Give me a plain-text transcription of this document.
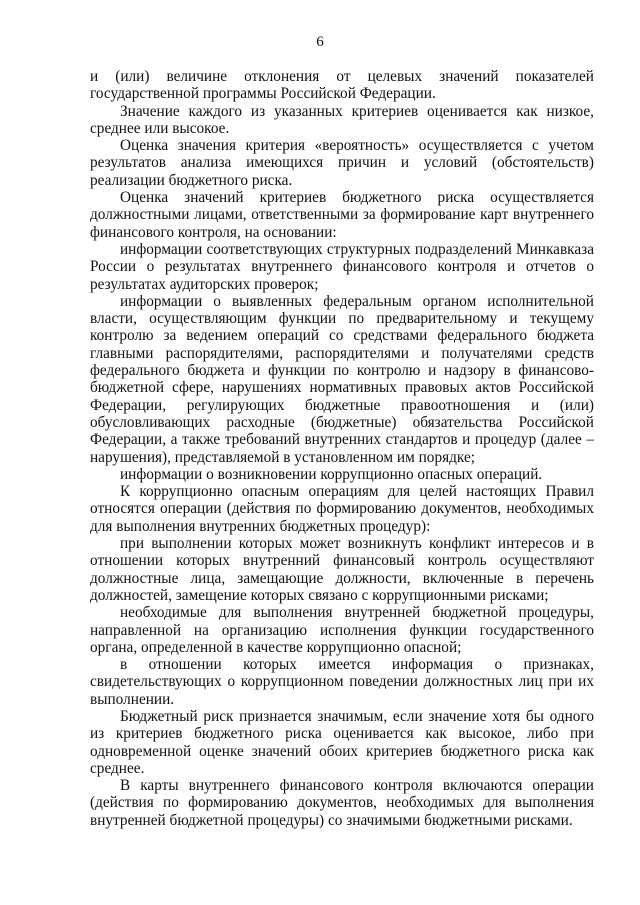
6

и (или) величине отклонения от целевых значений показателей государственной программы Российской Федерации.

Значение каждого из указанных критериев оценивается как низкое, среднее или высокое.

Оценка значения критерия «вероятность» осуществляется с учетом результатов анализа имеющихся причин и условий (обстоятельств) реализации бюджетного риска.

Оценка значений критериев бюджетного риска осуществляется должностными лицами, ответственными за формирование карт внутреннего финансового контроля, на основании:

информации соответствующих структурных подразделений Минкавказа России о результатах внутреннего финансового контроля и отчетов о результатах аудиторских проверок;

информации о выявленных федеральным органом исполнительной власти, осуществляющим функции по предварительному и текущему контролю за ведением операций со средствами федерального бюджета главными распорядителями, распорядителями и получателями средств федерального бюджета и функции по контролю и надзору в финансово-бюджетной сфере, нарушениях нормативных правовых актов Российской Федерации, регулирующих бюджетные правоотношения и (или) обусловливающих расходные (бюджетные) обязательства Российской Федерации, а также требований внутренних стандартов и процедур (далее – нарушения), представляемой в установленном им порядке;

информации о возникновении коррупционно опасных операций.

К коррупционно опасным операциям для целей настоящих Правил относятся операции (действия по формированию документов, необходимых для выполнения внутренних бюджетных процедур):

при выполнении которых может возникнуть конфликт интересов и в отношении которых внутренний финансовый контроль осуществляют должностные лица, замещающие должности, включенные в перечень должностей, замещение которых связано с коррупционными рисками;

необходимые для выполнения внутренней бюджетной процедуры, направленной на организацию исполнения функции государственного органа, определенной в качестве коррупционно опасной;

в отношении которых имеется информация о признаках, свидетельствующих о коррупционном поведении должностных лиц при их выполнении.

Бюджетный риск признается значимым, если значение хотя бы одного из критериев бюджетного риска оценивается как высокое, либо при одновременной оценке значений обоих критериев бюджетного риска как среднее.

В карты внутреннего финансового контроля включаются операции (действия по формированию документов, необходимых для выполнения внутренней бюджетной процедуры) со значимыми бюджетными рисками.
